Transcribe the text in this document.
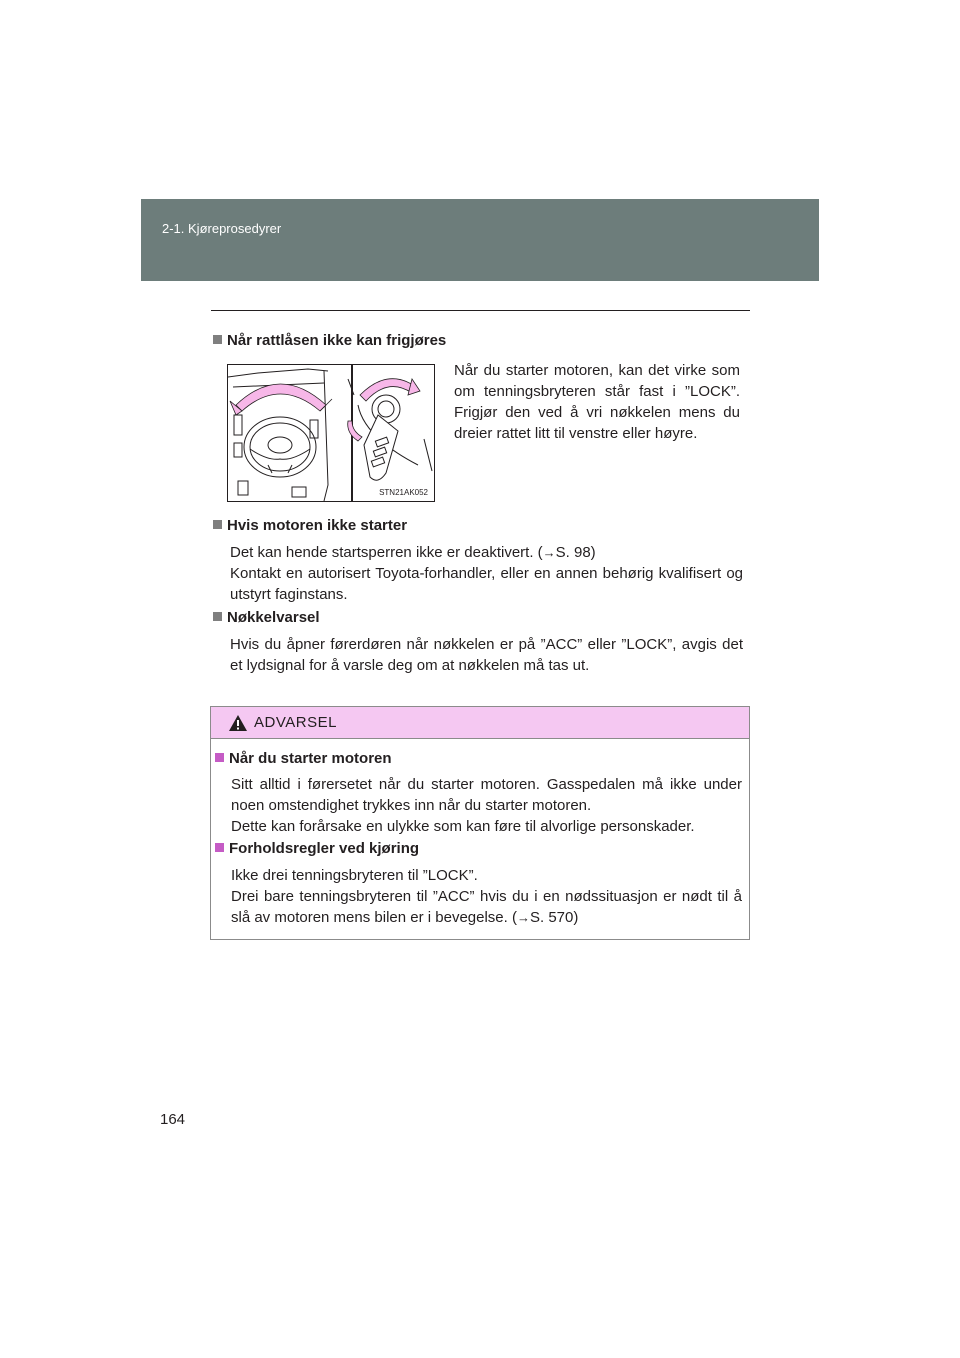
2-1. Kjøreprosedyrer
Når rattlåsen ikke kan frigjøres
STN21AK052
Når du starter motoren, kan det virke som
om tenningsbryteren står fast i ”LOCK”.
Frigjør den ved å vri nøkkelen mens du
dreier rattet litt til venstre eller høyre.
Hvis motoren ikke starter
Det kan hende startsperren ikke er deaktivert. (→S. 98)
Kontakt en autorisert Toyota-forhandler, eller en annen behørig kvalifisert og
utstyrt faginstans.
Nøkkelvarsel
Hvis du åpner førerdøren når nøkkelen er på ”ACC” eller ”LOCK”, avgis det
et lydsignal for å varsle deg om at nøkkelen må tas ut.
ADVARSEL
Når du starter motoren
Sitt alltid i førersetet når du starter motoren. Gasspedalen må ikke under
noen omstendighet trykkes inn når du starter motoren.
Dette kan forårsake en ulykke som kan føre til alvorlige personskader.
Forholdsregler ved kjøring
Ikke drei tenningsbryteren til ”LOCK”.
Drei bare tenningsbryteren til ”ACC” hvis du i en nødssituasjon er nødt til å
slå av motoren mens bilen er i bevegelse. (→S. 570)
164
